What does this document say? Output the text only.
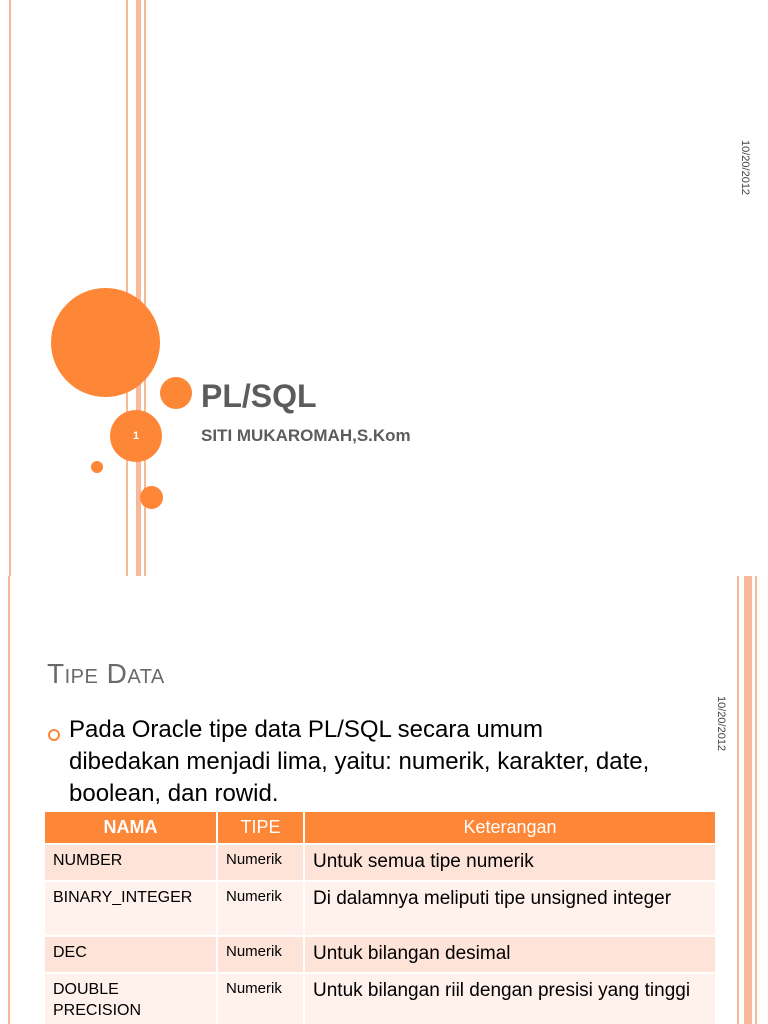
1
PL/SQL
SITI MUKAROMAH,S.Kom
10/20/2012
10/20/2012
Tipe Data
Pada Oracle tipe data PL/SQL secara umum dibedakan menjadi lima, yaitu: numerik, karakter, date, boolean, dan rowid.
NAMA	TIPE	Keterangan
NUMBER	Numerik	Untuk semua tipe numerik
BINARY_INTEGER	Numerik	Di dalamnya meliputi tipe unsigned integer
DEC	Numerik	Untuk bilangan desimal
DOUBLE PRECISION	Numerik	Untuk bilangan riil dengan presisi yang tinggi
